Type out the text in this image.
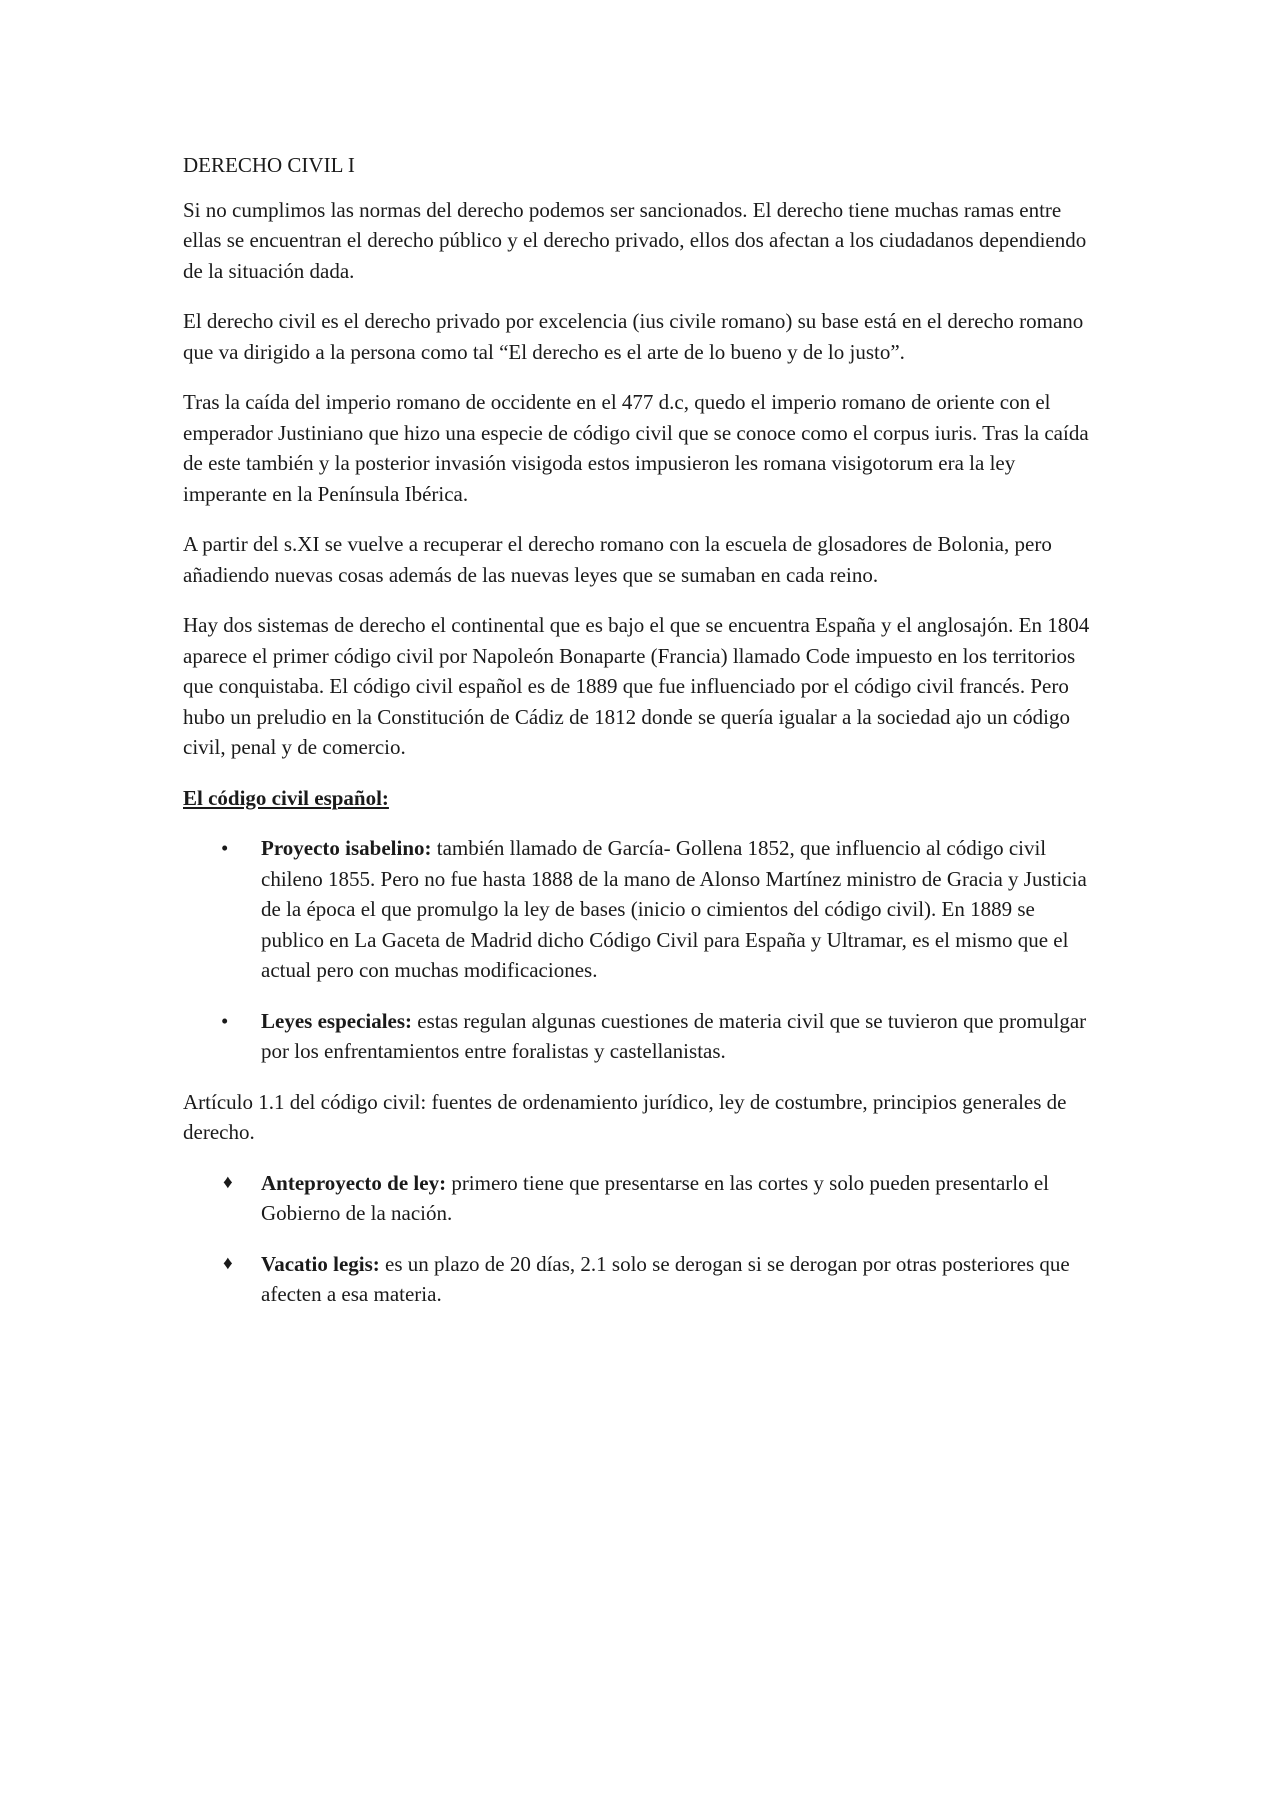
DERECHO CIVIL I

Si no cumplimos las normas del derecho podemos ser sancionados. El derecho tiene muchas ramas entre ellas se encuentran el derecho público y el derecho privado, ellos dos afectan a los ciudadanos dependiendo de la situación dada.

El derecho civil es el derecho privado por excelencia (ius civile romano) su base está en el derecho romano que va dirigido a la persona como tal “El derecho es el arte de lo bueno y de lo justo”.

Tras la caída del imperio romano de occidente en el 477 d.c, quedo el imperio romano de oriente con el emperador Justiniano que hizo una especie de código civil que se conoce como el corpus iuris. Tras la caída de este también y la posterior invasión visigoda estos impusieron les romana visigotorum era la ley imperante en la Península Ibérica.

A partir del s.XI se vuelve a recuperar el derecho romano con la escuela de glosadores de Bolonia, pero añadiendo nuevas cosas además de las nuevas leyes que se sumaban en cada reino.

Hay dos sistemas de derecho el continental que es bajo el que se encuentra España y el anglosajón. En 1804 aparece el primer código civil por Napoleón Bonaparte (Francia) llamado Code impuesto en los territorios que conquistaba. El código civil español es de 1889 que fue influenciado por el código civil francés. Pero hubo un preludio en la Constitución de Cádiz de 1812 donde se quería igualar a la sociedad ajo un código civil, penal y de comercio.

El código civil español:

• Proyecto isabelino: también llamado de García- Gollena 1852, que influencio al código civil chileno 1855. Pero no fue hasta 1888 de la mano de Alonso Martínez ministro de Gracia y Justicia de la época el que promulgo la ley de bases (inicio o cimientos del código civil). En 1889 se publico en La Gaceta de Madrid dicho Código Civil para España y Ultramar, es el mismo que el actual pero con muchas modificaciones.
• Leyes especiales: estas regulan algunas cuestiones de materia civil que se tuvieron que promulgar por los enfrentamientos entre foralistas y castellanistas.

Artículo 1.1 del código civil: fuentes de ordenamiento jurídico, ley de costumbre, principios generales de derecho.

♦ Anteproyecto de ley: primero tiene que presentarse en las cortes y solo pueden presentarlo el Gobierno de la nación.
♦ Vacatio legis: es un plazo de 20 días, 2.1 solo se derogan si se derogan por otras posteriores que afecten a esa materia.
